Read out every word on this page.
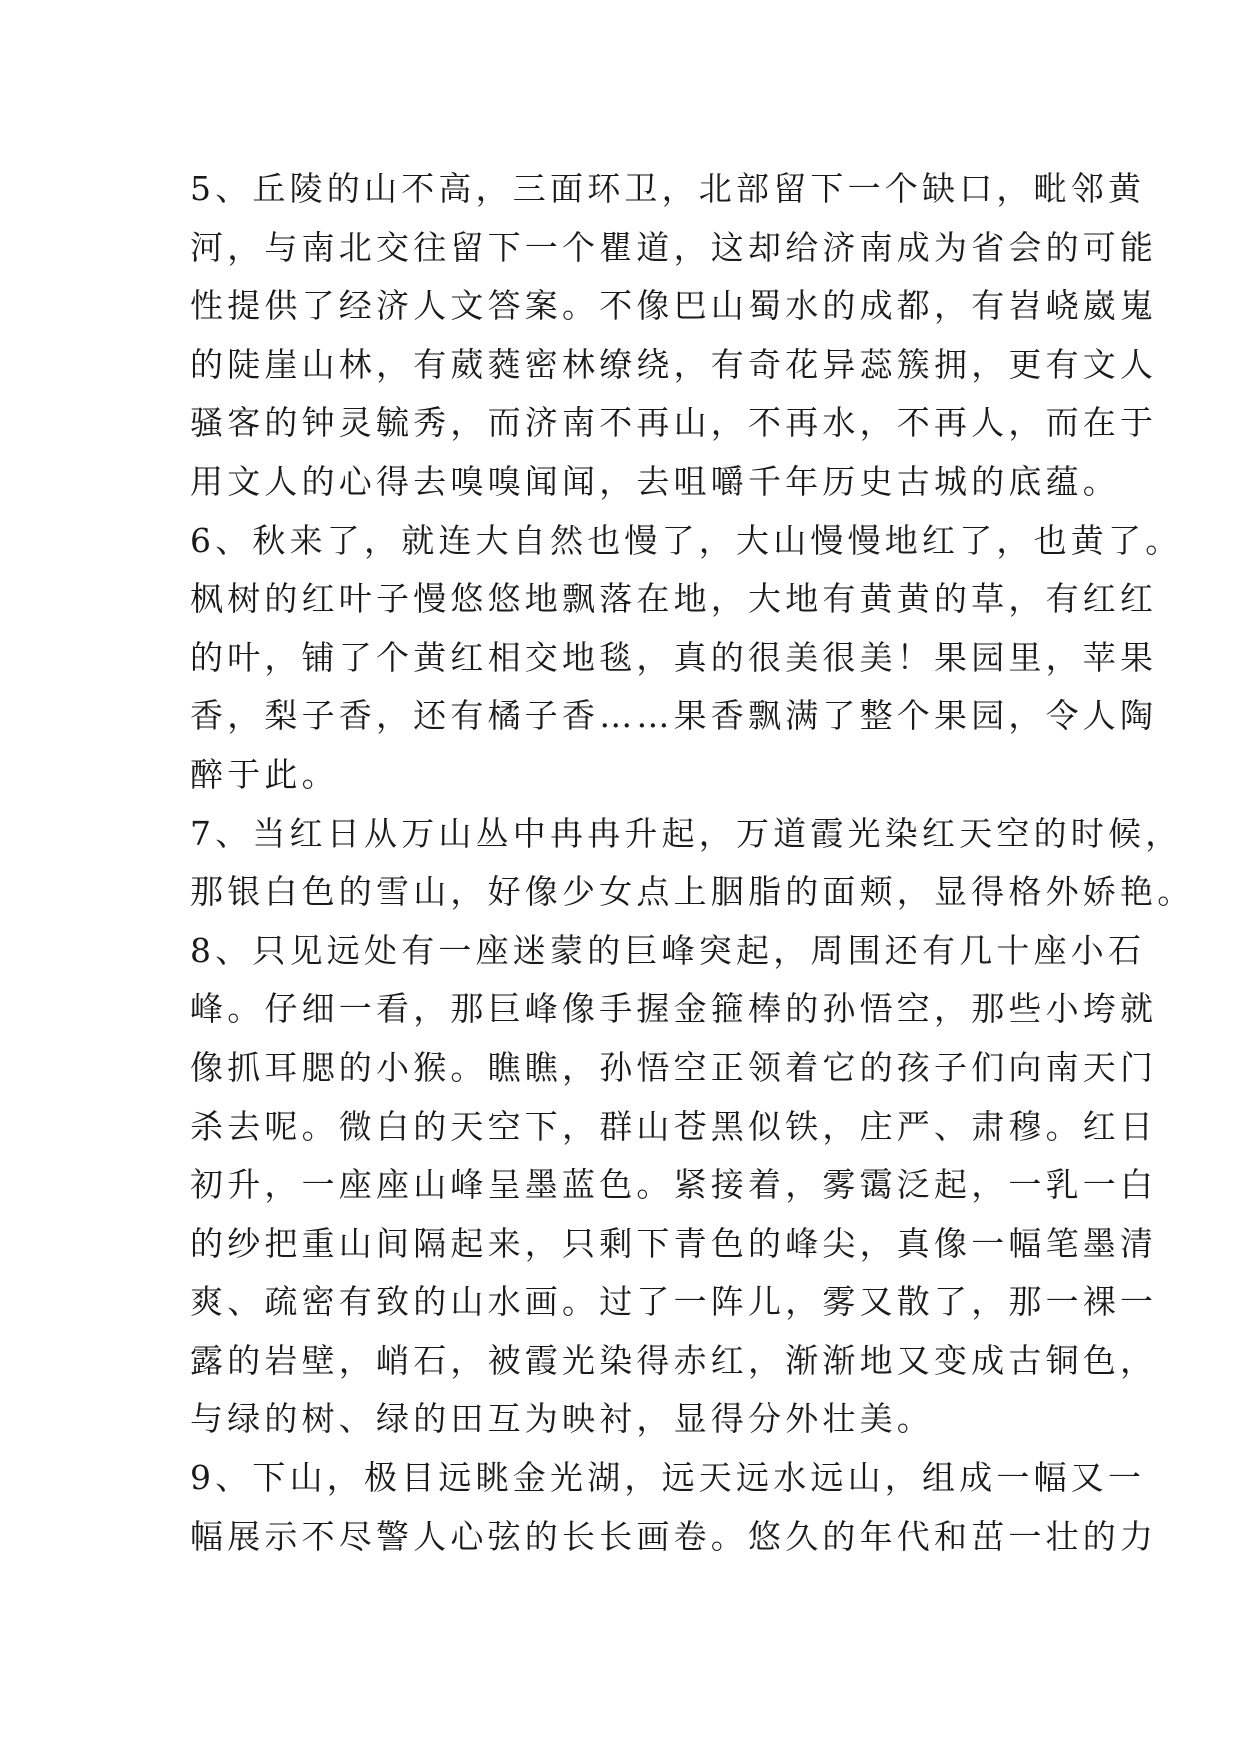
5、丘陵的山不高，三面环卫，北部留下一个缺口，毗邻黄
河，与南北交往留下一个瞿道，这却给济南成为省会的可能
性提供了经济人文答案。不像巴山蜀水的成都，有岧峣崴嵬
的陡崖山林，有葳蕤密林缭绕，有奇花异蕊簇拥，更有文人
骚客的钟灵毓秀，而济南不再山，不再水，不再人，而在于
用文人的心得去嗅嗅闻闻，去咀嚼千年历史古城的底蕴。
6、秋来了，就连大自然也慢了，大山慢慢地红了，也黄了。
枫树的红叶子慢悠悠地飘落在地，大地有黄黄的草，有红红
的叶，铺了个黄红相交地毯，真的很美很美！果园里，苹果
香，梨子香，还有橘子香……果香飘满了整个果园，令人陶
醉于此。
7、当红日从万山丛中冉冉升起，万道霞光染红天空的时候，
那银白色的雪山，好像少女点上胭脂的面颊，显得格外娇艳。
8、只见远处有一座迷蒙的巨峰突起，周围还有几十座小石
峰。仔细一看，那巨峰像手握金箍棒的孙悟空，那些小垮就
像抓耳腮的小猴。瞧瞧，孙悟空正领着它的孩子们向南天门
杀去呢。微白的天空下，群山苍黑似铁，庄严、肃穆。红日
初升，一座座山峰呈墨蓝色。紧接着，雾霭泛起，一乳一白
的纱把重山间隔起来，只剩下青色的峰尖，真像一幅笔墨清
爽、疏密有致的山水画。过了一阵儿，雾又散了，那一裸一
露的岩壁，峭石，被霞光染得赤红，渐渐地又变成古铜色，
与绿的树、绿的田互为映衬，显得分外壮美。
9、下山，极目远眺金光湖，远天远水远山，组成一幅又一
幅展示不尽警人心弦的长长画卷。悠久的年代和茁一壮的力
